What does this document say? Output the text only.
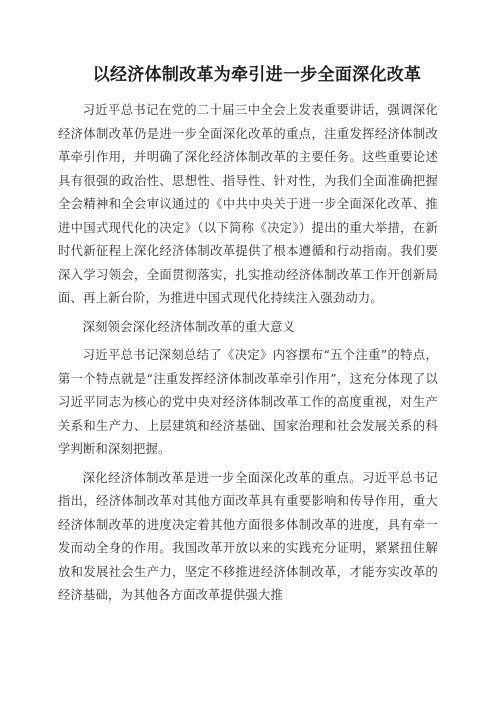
以经济体制改革为牵引进一步全面深化改革

习近平总书记在党的二十届三中全会上发表重要讲话，强调深化经济体制改革仍是进一步全面深化改革的重点，注重发挥经济体制改革牵引作用，并明确了深化经济体制改革的主要任务。这些重要论述具有很强的政治性、思想性、指导性、针对性，为我们全面准确把握全会精神和全会审议通过的《中共中央关于进一步全面深化改革、推进中国式现代化的决定》（以下简称《决定》）提出的重大举措，在新时代新征程上深化经济体制改革提供了根本遵循和行动指南。我们要深入学习领会，全面贯彻落实，扎实推动经济体制改革工作开创新局面、再上新台阶，为推进中国式现代化持续注入强劲动力。

深刻领会深化经济体制改革的重大意义

习近平总书记深刻总结了《决定》内容摆布“五个注重”的特点，第一个特点就是“注重发挥经济体制改革牵引作用”，这充分体现了以习近平同志为核心的党中央对经济体制改革工作的高度重视，对生产关系和生产力、上层建筑和经济基础、国家治理和社会发展关系的科学判断和深刻把握。

深化经济体制改革是进一步全面深化改革的重点。习近平总书记指出，经济体制改革对其他方面改革具有重要影响和传导作用，重大经济体制改革的进度决定着其他方面很多体制改革的进度，具有牵一发而动全身的作用。我国改革开放以来的实践充分证明，紧紧扭住解放和发展社会生产力，坚定不移推进经济体制改革，才能夯实改革的经济基础，为其他各方面改革提供强大推
